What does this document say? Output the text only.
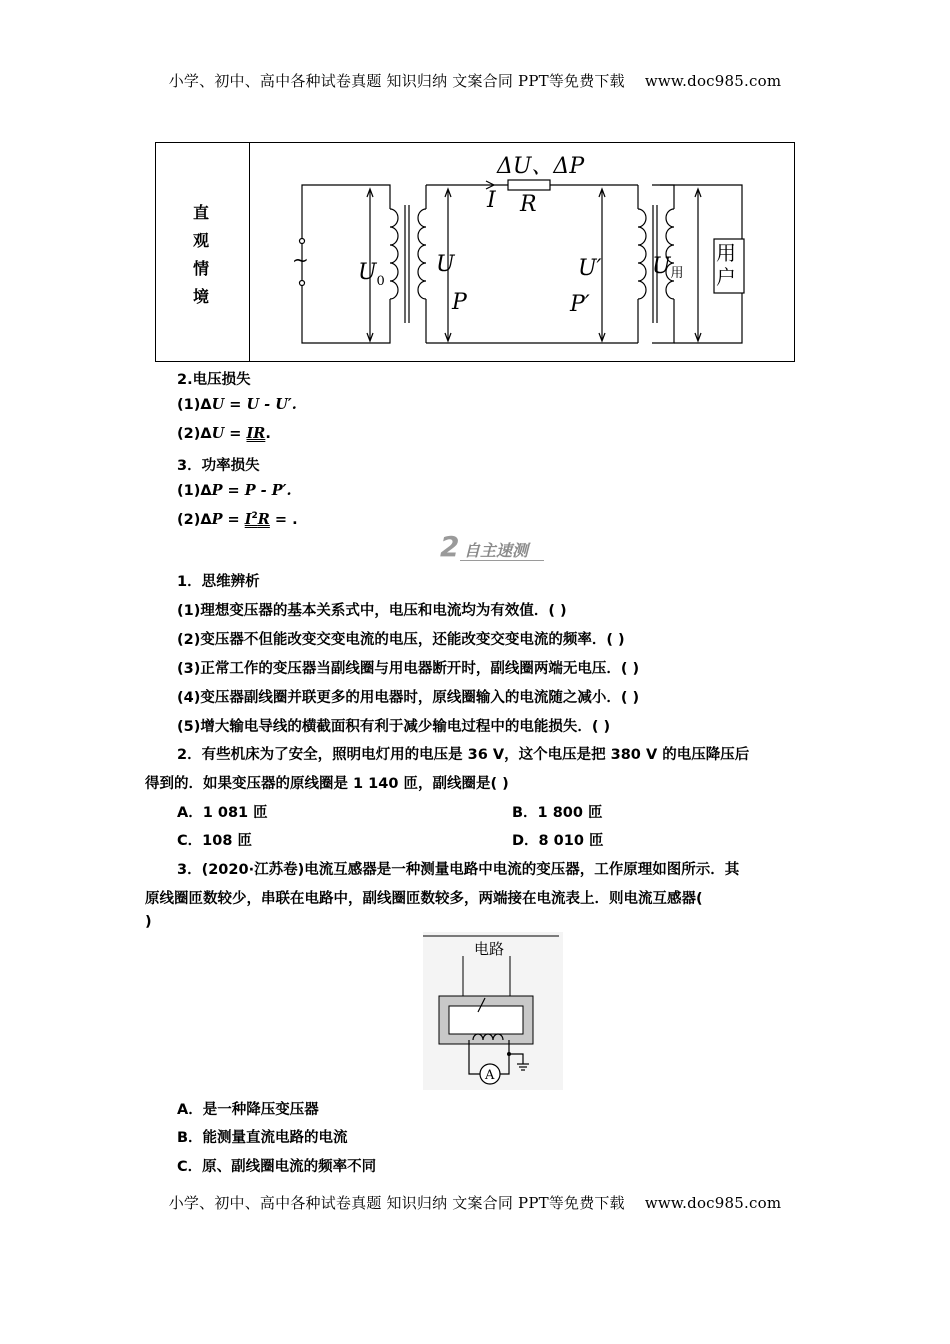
小学、初中、高中各种试卷真题 知识归纳 文案合同 PPT等免费下载 www.doc985.com
直
观
情
境
ΔU、ΔP
I R
$U_0$
U
P
U′
P′
U用
~	用户
2.电压损失
(1)ΔU = U - U′.
(2)ΔU = IR.
3．功率损失
(1)ΔP = P - P′.
$(2)\Delta P = I^2R$ = .
2 自主速测
1．思维辨析
(1)理想变压器的基本关系式中，电压和电流均为有效值．( )
(2)变压器不但能改变交变电流的电压，还能改变交变电流的频率．( )
(3)正常工作的变压器当副线圈与用电器断开时，副线圈两端无电压．( )
(4)变压器副线圈并联更多的用电器时，原线圈输入的电流随之减小．( )
(5)增大输电导线的横截面积有利于减少输电过程中的电能损失．( )
2．有些机床为了安全，照明电灯用的电压是 36 V，这个电压是把 380 V 的电压降压后
得到的．如果变压器的原线圈是 1 140 匝，副线圈是( )
A．1 081 匝	B．1 800 匝
C．108 匝	D．8 010 匝
3．(2020·江苏卷)电流互感器是一种测量电路中电流的变压器，工作原理如图所示．其
原线圈匝数较少，串联在电路中，副线圈匝数较多，两端接在电流表上．则电流互感器(
)
电路
A
A．是一种降压变压器
B．能测量直流电路的电流
C．原、副线圈电流的频率不同
小学、初中、高中各种试卷真题 知识归纳 文案合同 PPT等免费下载 www.doc985.com
